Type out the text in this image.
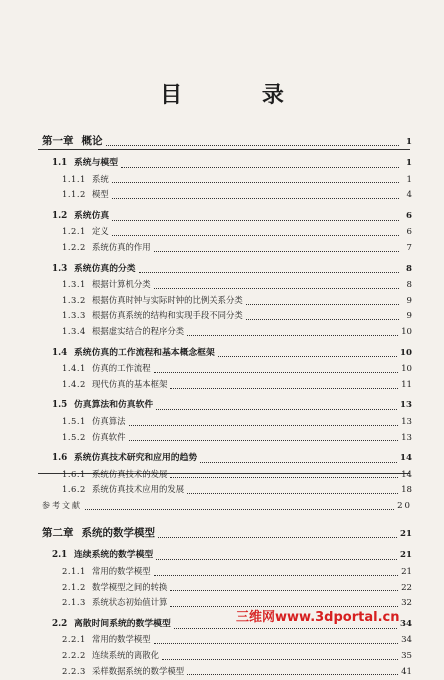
目 录
第一章 概论	1
1.1 系统与模型	1
1.1.1 系统	1
1.1.2 模型	4
1.2 系统仿真	6
1.2.1 定义	6
1.2.2 系统仿真的作用	7
1.3 系统仿真的分类	8
1.3.1 根据计算机分类	8
1.3.2 根据仿真时钟与实际时钟的比例关系分类	9
1.3.3 根据仿真系统的结构和实现手段不同分类	9
1.3.4 根据虚实结合的程序分类	10
1.4 系统仿真的工作流程和基本概念框架	10
1.4.1 仿真的工作流程	10
1.4.2 现代仿真的基本框架	11
1.5 仿真算法和仿真软件	13
1.5.1 仿真算法	13
1.5.2 仿真软件	13
1.6 系统仿真技术研究和应用的趋势	14
1.6.1 系统仿真技术的发展	14
1.6.2 系统仿真技术应用的发展	18
参考文献	20
第二章 系统的数学模型	21
2.1 连续系统的数学模型	21
2.1.1 常用的数学模型	21
2.1.2 数学模型之间的转换	22
2.1.3 系统状态初始值计算	32
2.2 离散时间系统的数学模型	34
2.2.1 常用的数学模型	34
2.2.2 连续系统的离散化	35
2.2.3 采样数据系统的数学模型	41
三维网www.3dportal.cn
